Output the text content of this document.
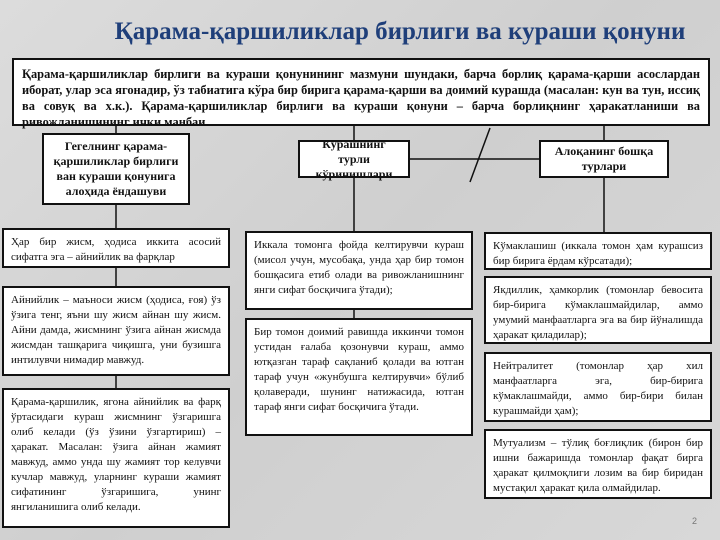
Қарама-қаршиликлар бирлиги ва кураши қонуни
Қарама-қаршиликлар бирлиги ва кураши қонунининг мазмуни шундаки, барча борлиқ қарама-қарши асослардан иборат, улар эса ягонадир, ўз табиатига кўра бир бирига қарама-қарши ва доимий курашда (масалан: кун ва тун, иссиқ ва совуқ ва х.к.). Қарама-қаршиликлар бирлиги ва кураши қонуни – барча борлиқнинг ҳаракатланиши ва ривожланишининг ички манбаи.
Гегелнинг қарама-қаршиликлар бирлиги ван кураши қонунига алоҳида ёндашуви
Курашнинг турли кўринишлари
Алоқанинг бошқа турлари
Ҳар бир жисм, ҳодиса иккита асосий сифатга эга – айнийлик ва фарқлар
Айнийлик – маъноси жисм (ҳодиса, ғоя) ўз ўзига тенг, яъни шу жисм айнан шу жисм. Айни дамда, жисмнинг ўзига айнан жисмда жисмдан ташқарига чиқишга, уни бузишга интилувчи нимадир мавжуд.
Қарама-қаршилик, ягона айнийлик ва фарқ ўртасидаги кураш жисмнинг ўзгаришга олиб келади (ўз ўзини ўзгартириш) – ҳаракат. Масалан: ўзига айнан жамият мавжуд, аммо унда шу жамият тор келувчи кучлар мавжуд, уларнинг кураши жамият сифатининг ўзгаришига, унинг янгиланишига олиб келади.
Иккала томонга фойда келтирувчи кураш (мисол учун, мусобақа, унда ҳар бир томон бошқасига етиб олади ва ривожланишнинг янги сифат босқичига ўтади);
Бир томон доимий равишда иккинчи томон устидан ғалаба қозонувчи кураш, аммо ютқазган тараф сақланиб қолади ва ютган тараф учун «жунбушга келтирувчи» бўлиб қолаверади, шунинг натижасида, ютган тараф янги сифат босқичига ўтади.
Кўмаклашиш (иккала томон ҳам курашсиз бир бирига ёрдам кўрсатади);
Якдиллик, ҳамкорлик (томонлар бевосита бир-бирига кўмаклашмайдилар, аммо умумий манфаатларга эга ва бир йўналишда ҳаракат қиладилар);
Нейтралитет (томонлар ҳар хил манфаатларга эга, бир-бирига кўмаклашмайди, аммо бир-бири билан курашмайди ҳам);
Мутуализм – тўлиқ боғлиқлик (бирон бир ишни бажаришда томонлар фақат бирга ҳаракат қилмоқлиги лозим ва бир биридан мустақил ҳаракат қила олмайдилар.
2
